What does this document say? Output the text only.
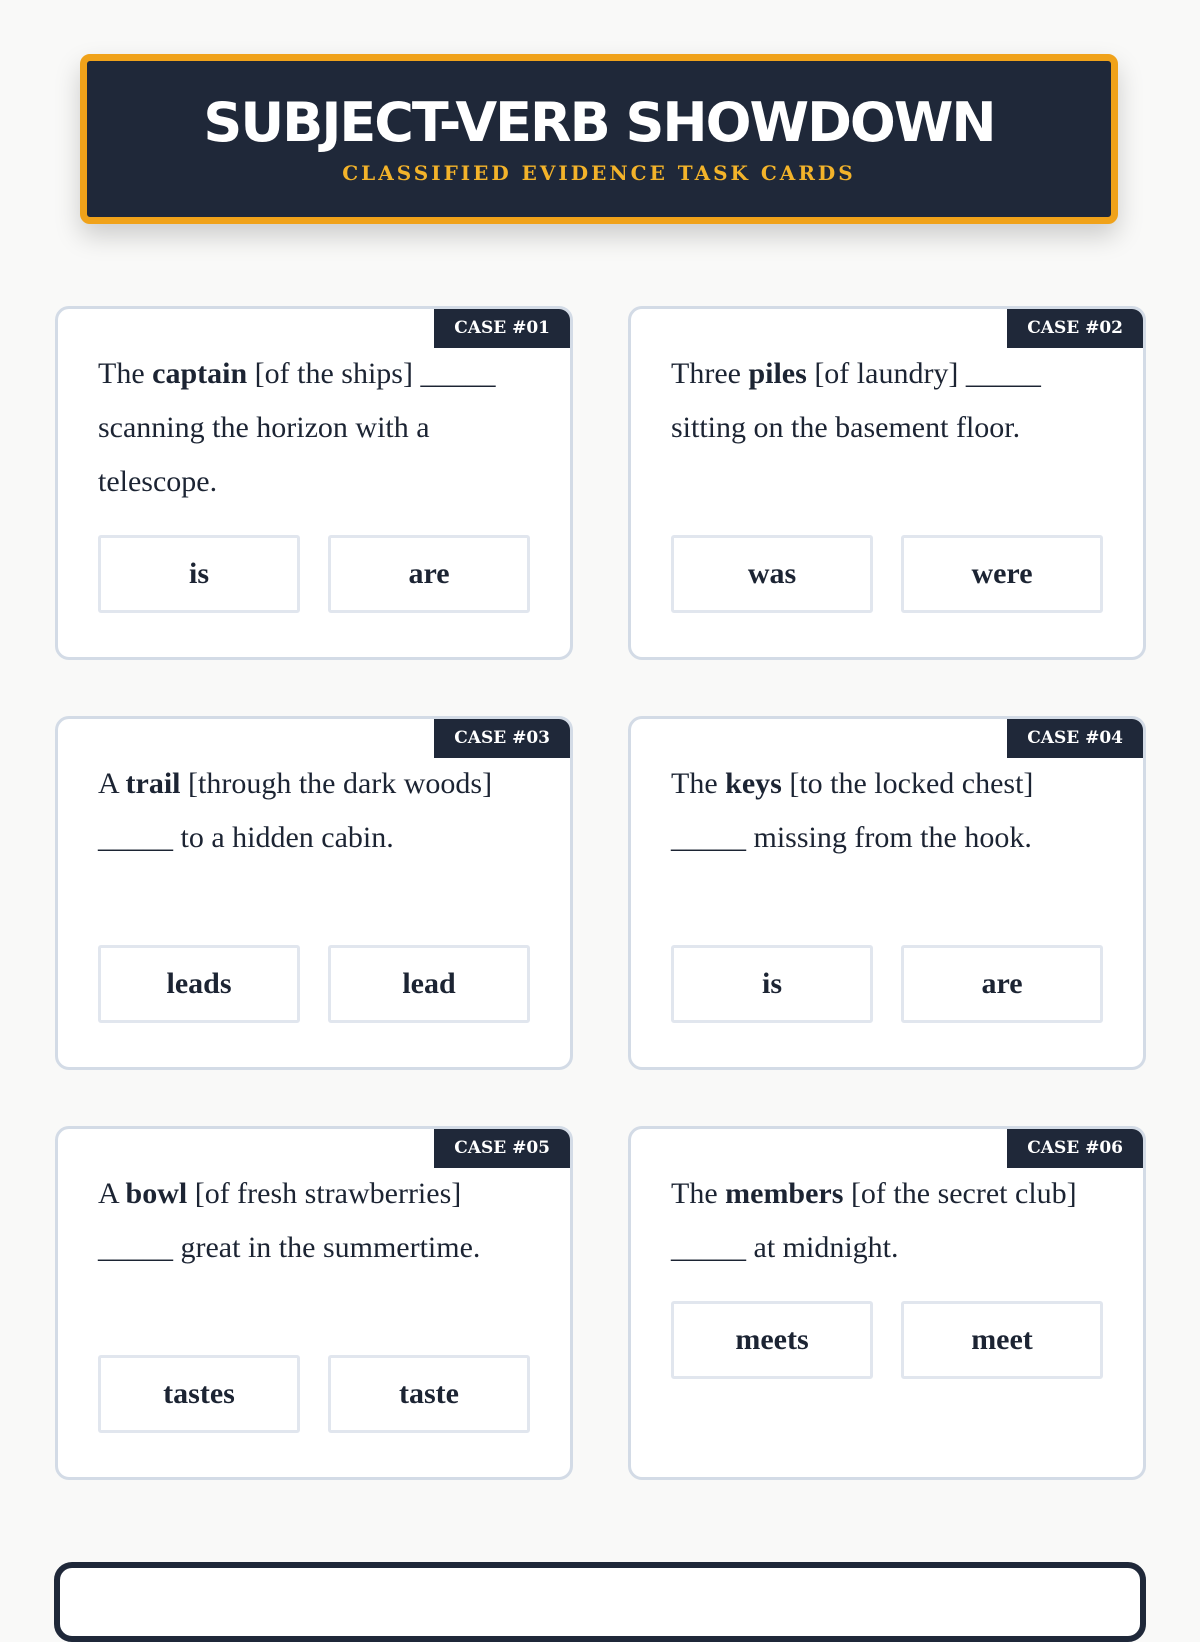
SUBJECT-VERB SHOWDOWN
CLASSIFIED EVIDENCE TASK CARDS
CASE #01
The captain [of the ships] _____ scanning the horizon with a telescope.
is	are
CASE #02
Three piles [of laundry] _____ sitting on the basement floor.
was	were
CASE #03
A trail [through the dark woods] _____ to a hidden cabin.
leads	lead
CASE #04
The keys [to the locked chest] _____ missing from the hook.
is	are
CASE #05
A bowl [of fresh strawberries] _____ great in the summertime.
tastes	taste
CASE #06
The members [of the secret club] _____ at midnight.
meets	meet
